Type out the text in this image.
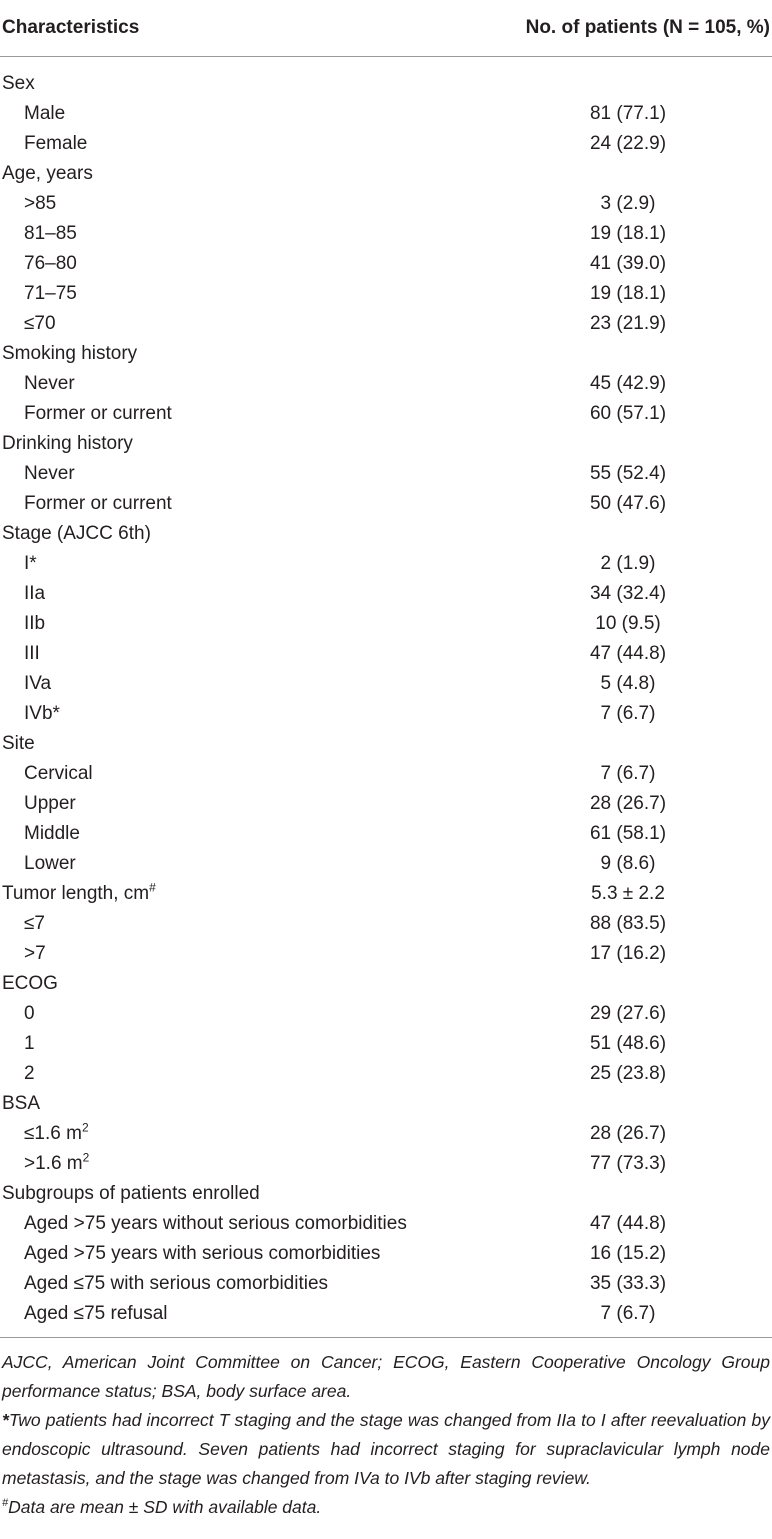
Characteristics	No. of patients (N = 105, %)
Sex
Male	81 (77.1)
Female	24 (22.9)
Age, years
>85	3 (2.9)
81–85	19 (18.1)
76–80	41 (39.0)
71–75	19 (18.1)
≤70	23 (21.9)
Smoking history
Never	45 (42.9)
Former or current	60 (57.1)
Drinking history
Never	55 (52.4)
Former or current	50 (47.6)
Stage (AJCC 6th)
I*	2 (1.9)
IIa	34 (32.4)
IIb	10 (9.5)
III	47 (44.8)
IVa	5 (4.8)
IVb*	7 (6.7)
Site
Cervical	7 (6.7)
Upper	28 (26.7)
Middle	61 (58.1)
Lower	9 (8.6)
Tumor length, cm#	5.3 ± 2.2
≤7	88 (83.5)
>7	17 (16.2)
ECOG
0	29 (27.6)
1	51 (48.6)
2	25 (23.8)
BSA
≤1.6 $m^2$	28 (26.7)
>1.6 $m^2$	77 (73.3)
Subgroups of patients enrolled
Aged >75 years without serious comorbidities	47 (44.8)
Aged >75 years with serious comorbidities	16 (15.2)
Aged ≤75 with serious comorbidities	35 (33.3)
Aged ≤75 refusal	7 (6.7)

AJCC, American Joint Committee on Cancer; ECOG, Eastern Cooperative Oncology Group performance status; BSA, body surface area.

*Two patients had incorrect T staging and the stage was changed from IIa to I after reevaluation by endoscopic ultrasound. Seven patients had incorrect staging for supraclavicular lymph node metastasis, and the stage was changed from IVa to IVb after staging review.

#Data are mean ± SD with available data.
